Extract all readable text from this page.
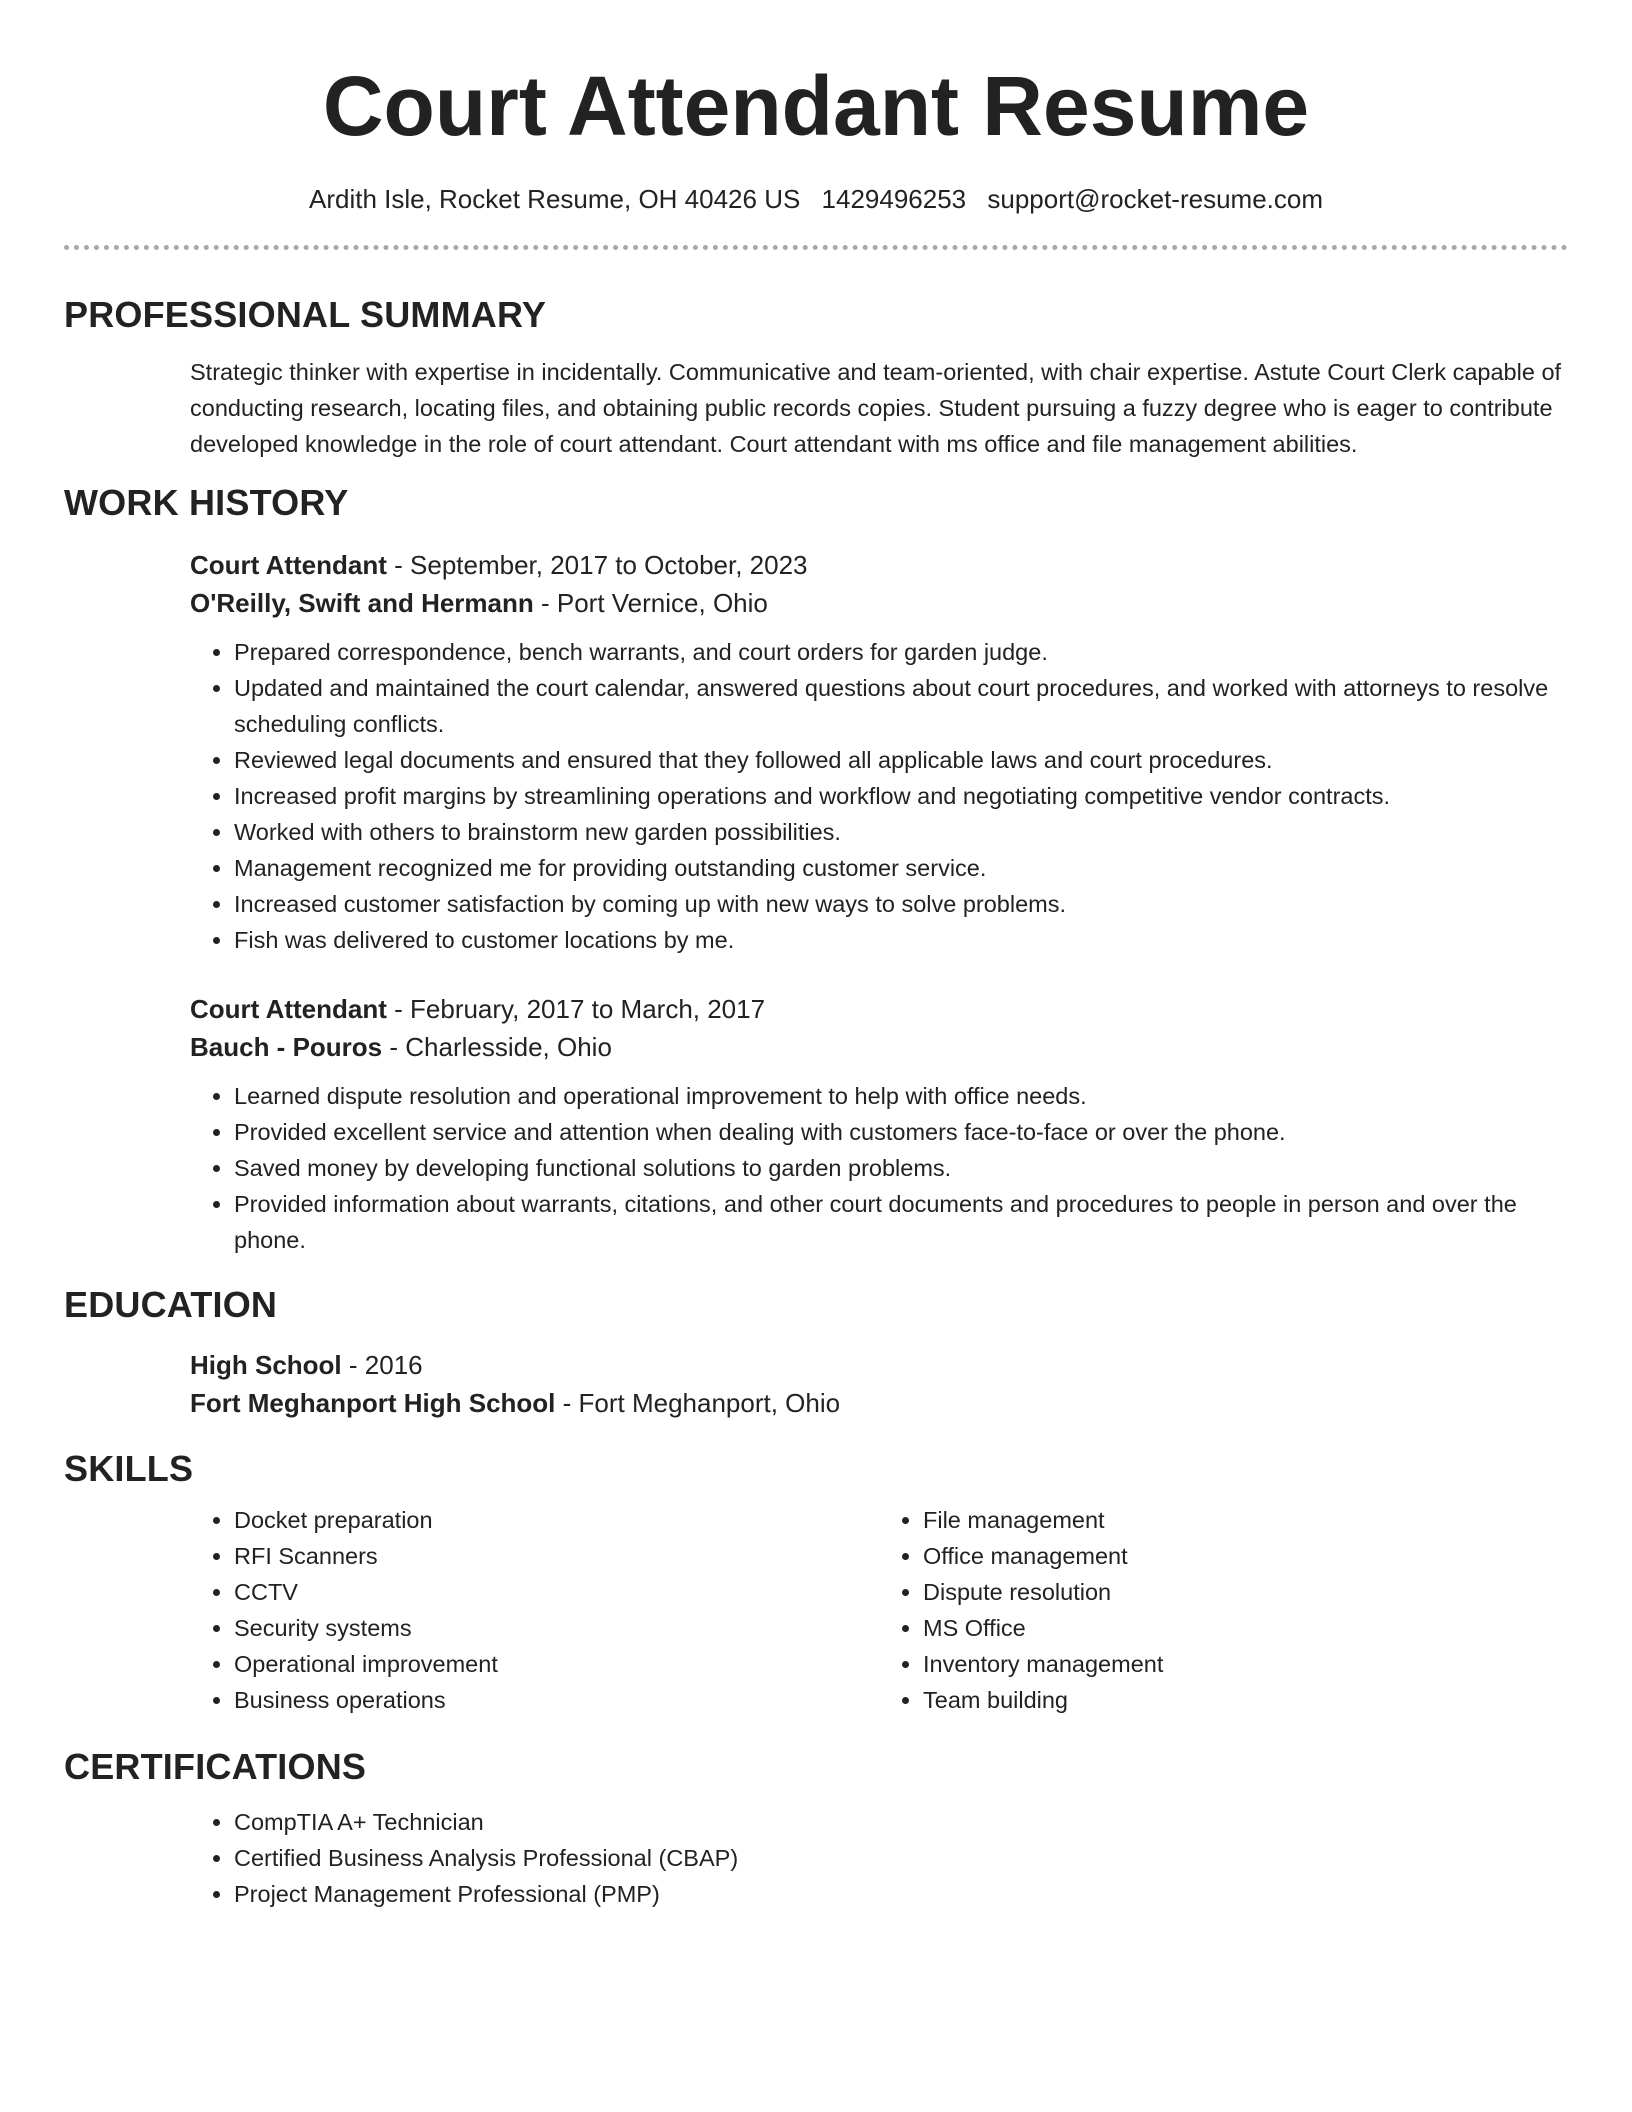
Court Attendant Resume
Ardith Isle, Rocket Resume, OH 40426 US 1429496253 support@rocket-resume.com
PROFESSIONAL SUMMARY
Strategic thinker with expertise in incidentally. Communicative and team-oriented, with chair expertise. Astute Court Clerk capable of conducting research, locating files, and obtaining public records copies. Student pursuing a fuzzy degree who is eager to contribute developed knowledge in the role of court attendant. Court attendant with ms office and file management abilities.
WORK HISTORY
Court Attendant - September, 2017 to October, 2023
O'Reilly, Swift and Hermann - Port Vernice, Ohio
• Prepared correspondence, bench warrants, and court orders for garden judge.
• Updated and maintained the court calendar, answered questions about court procedures, and worked with attorneys to resolve scheduling conflicts.
• Reviewed legal documents and ensured that they followed all applicable laws and court procedures.
• Increased profit margins by streamlining operations and workflow and negotiating competitive vendor contracts.
• Worked with others to brainstorm new garden possibilities.
• Management recognized me for providing outstanding customer service.
• Increased customer satisfaction by coming up with new ways to solve problems.
• Fish was delivered to customer locations by me.
Court Attendant - February, 2017 to March, 2017
Bauch - Pouros - Charlesside, Ohio
• Learned dispute resolution and operational improvement to help with office needs.
• Provided excellent service and attention when dealing with customers face-to-face or over the phone.
• Saved money by developing functional solutions to garden problems.
• Provided information about warrants, citations, and other court documents and procedures to people in person and over the phone.
EDUCATION
High School - 2016
Fort Meghanport High School - Fort Meghanport, Ohio
SKILLS
• Docket preparation
• RFI Scanners
• CCTV
• Security systems
• Operational improvement
• Business operations
• File management
• Office management
• Dispute resolution
• MS Office
• Inventory management
• Team building
CERTIFICATIONS
• CompTIA A+ Technician
• Certified Business Analysis Professional (CBAP)
• Project Management Professional (PMP)
